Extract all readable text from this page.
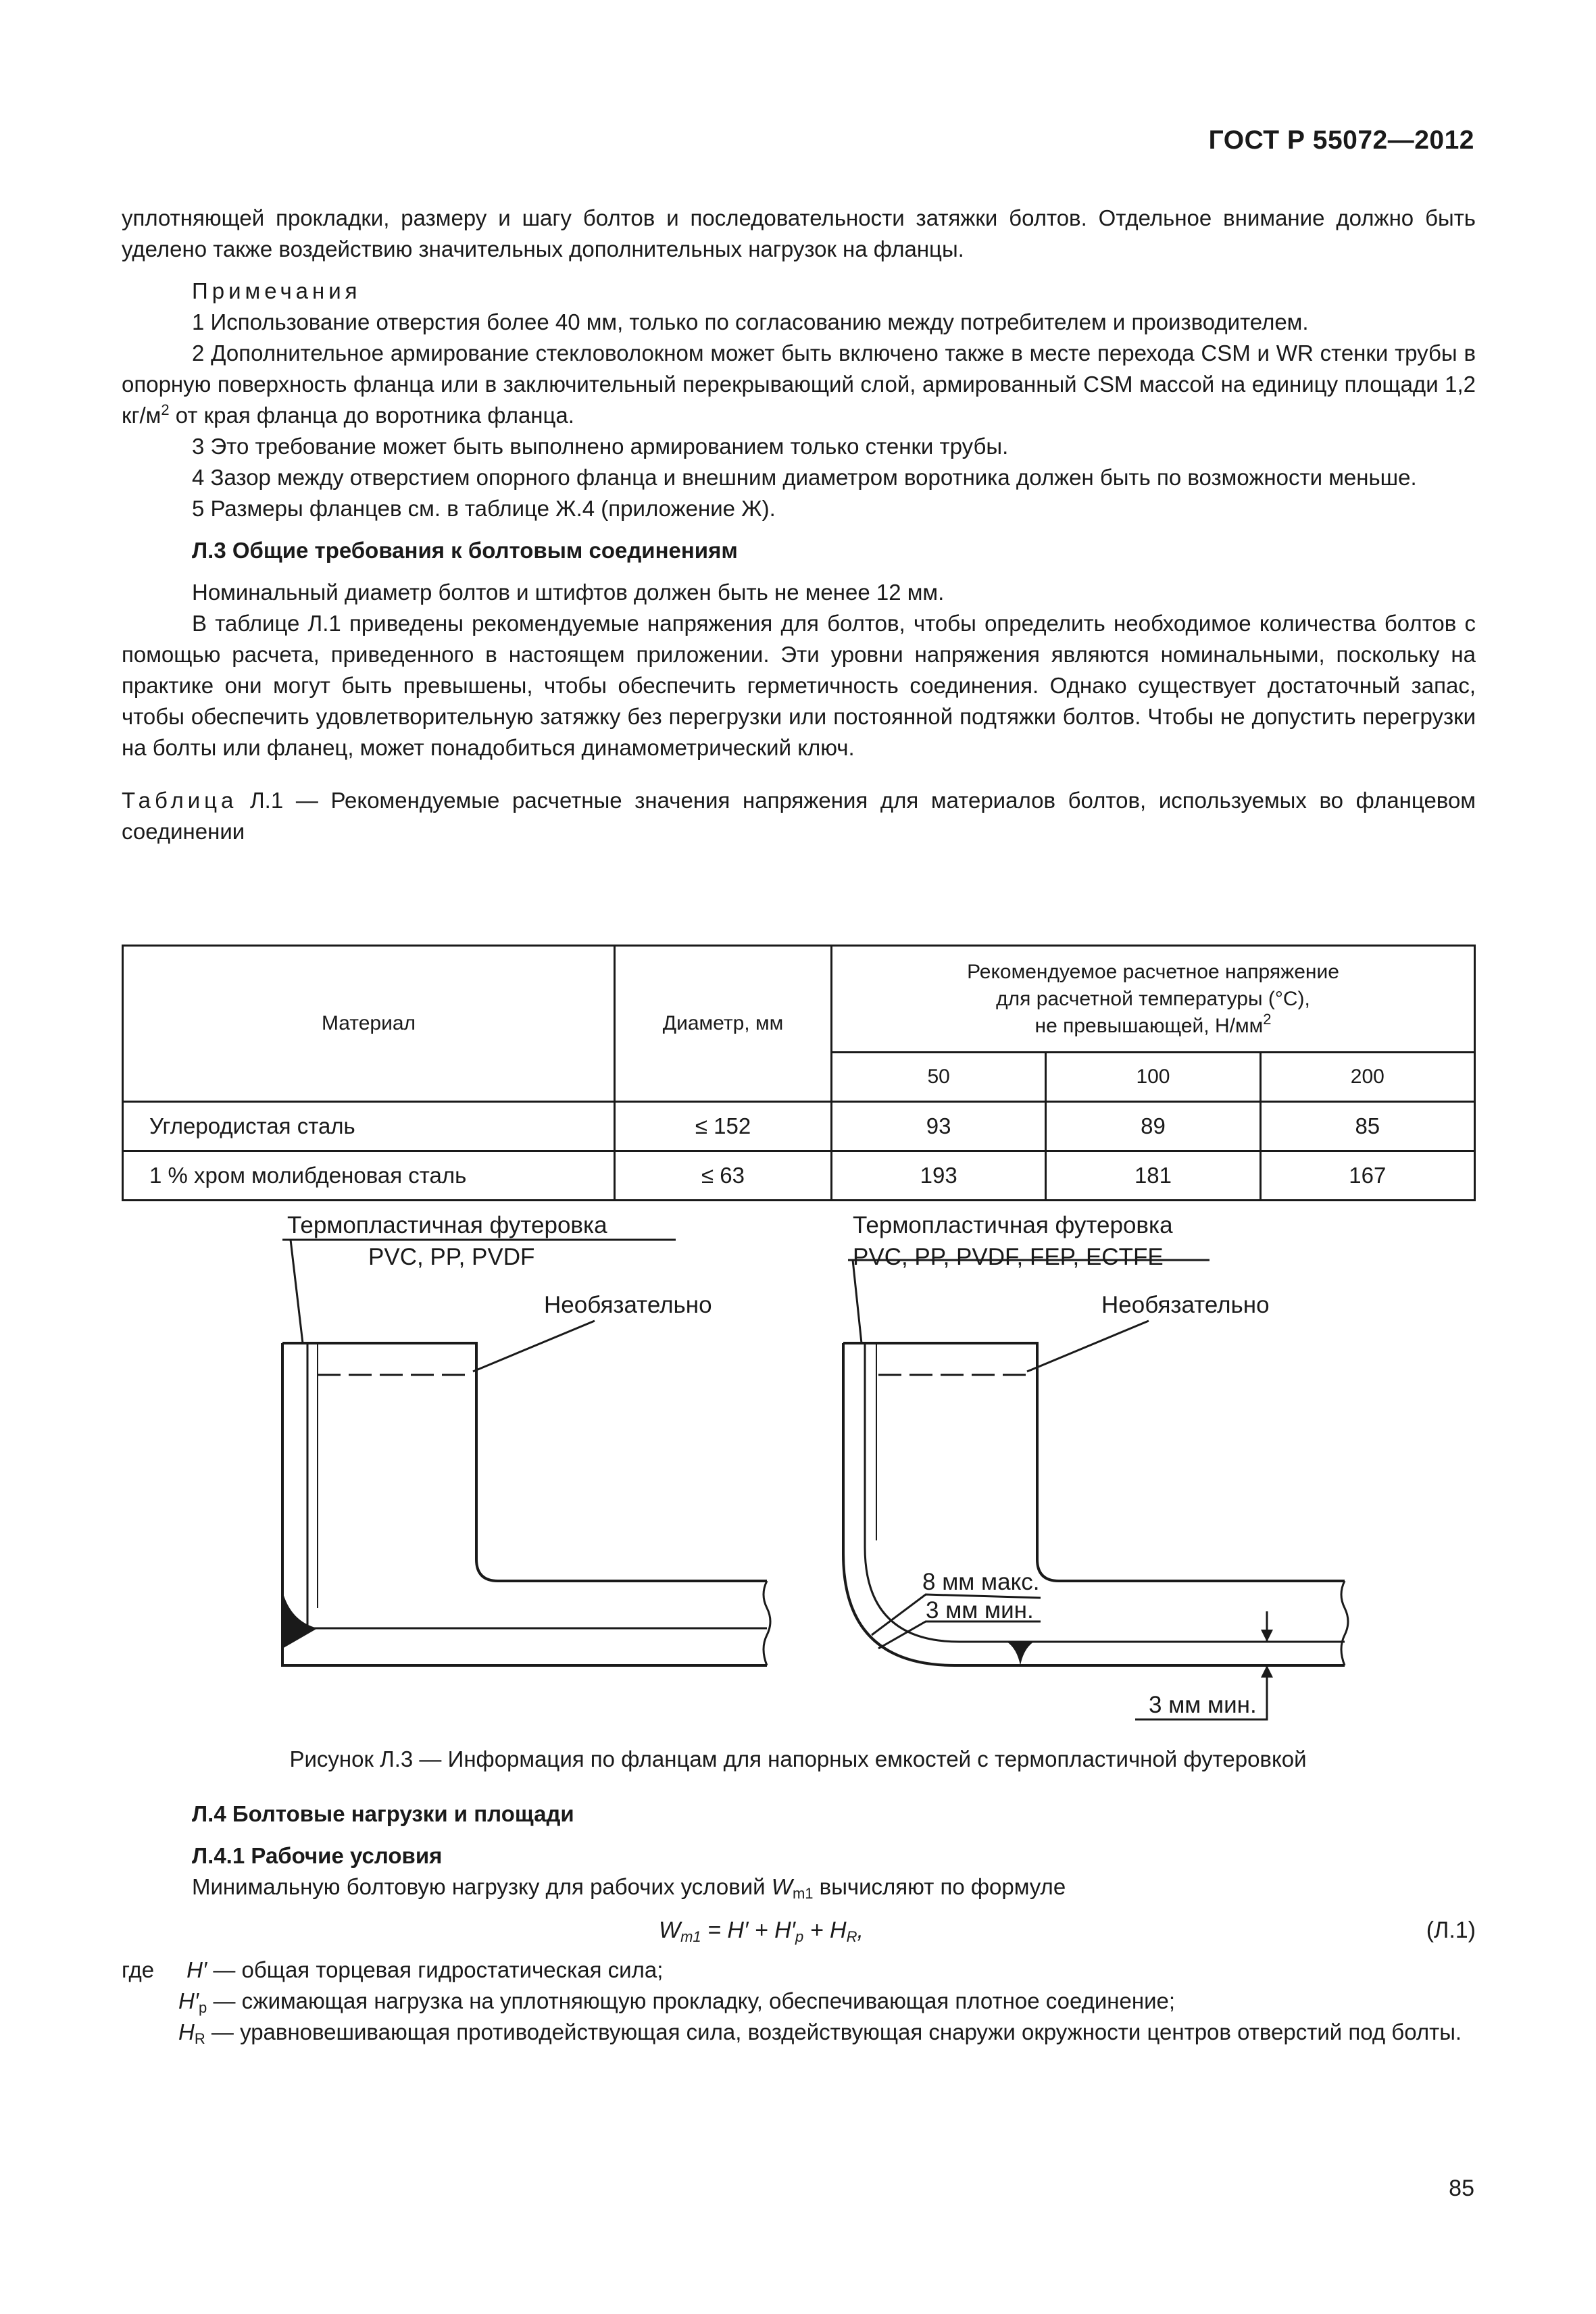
ГОСТ Р 55072—2012

уплотняющей прокладки, размеру и шагу болтов и последовательности затяжки болтов. Отдельное внимание должно быть уделено также воздействию значительных дополнительных нагрузок на фланцы.

Примечания

1 Использование отверстия более 40 мм, только по согласованию между потребителем и производителем.

2 Дополнительное армирование стекловолокном может быть включено также в месте перехода CSM и WR стенки трубы в опорную поверхность фланца или в заключительный перекрывающий слой, армированный CSM массой на единицу площади 1,2 $кг/м^2$ от края фланца до воротника фланца.

3 Это требование может быть выполнено армированием только стенки трубы.

4 Зазор между отверстием опорного фланца и внешним диаметром воротника должен быть по возможности меньше.

5 Размеры фланцев см. в таблице Ж.4 (приложение Ж).

Л.3 Общие требования к болтовым соединениям

Номинальный диаметр болтов и штифтов должен быть не менее 12 мм.

В таблице Л.1 приведены рекомендуемые напряжения для болтов, чтобы определить необходимое количества болтов с помощью расчета, приведенного в настоящем приложении. Эти уровни напряжения являются номинальными, поскольку на практике они могут быть превышены, чтобы обеспечить герметичность соединения. Однако существует достаточный запас, чтобы обеспечить удовлетворительную затяжку без перегрузки или постоянной подтяжки болтов. Чтобы не допустить перегрузки на болты или фланец, может понадобиться динамометрический ключ.

Таблица Л.1 — Рекомендуемые расчетные значения напряжения для материалов болтов, используемых во фланцевом соединении

Материал	Диаметр, мм	Рекомендуемое расчетное напряжение
для расчетной температуры (°С),
не превышающей, $Н/мм^2$

		50	100	200
Углеродистая сталь	≤ 152	93	89	85
1 % хром молибденовая сталь	≤ 63	193	181	167
Термопластичная футеровка
PVC, PP, PVDF
Необязательно
Термопластичная футеровка
PVC, PP, PVDF, FEP, ECTFE
Необязательно
8 мм макс.
3 мм мин.
3 мм мин.
Рисунок Л.3 — Информация по фланцам для напорных емкостей с термопластичной футеровкой

Л.4 Болтовые нагрузки и площади

Л.4.1 Рабочие условия

Минимальную болтовую нагрузку для рабочих условий $W_{m1}$ вычисляют по формуле

$W_{m1} = H' + H'_p + H_R$,	(Л.1)

где H′ — общая торцевая гидростатическая сила;

$H'_p$ — сжимающая нагрузка на уплотняющую прокладку, обеспечивающая плотное соединение;

$H_R$ — уравновешивающая противодействующая сила, воздействующая снаружи окружности центров отверстий под болты.

85
